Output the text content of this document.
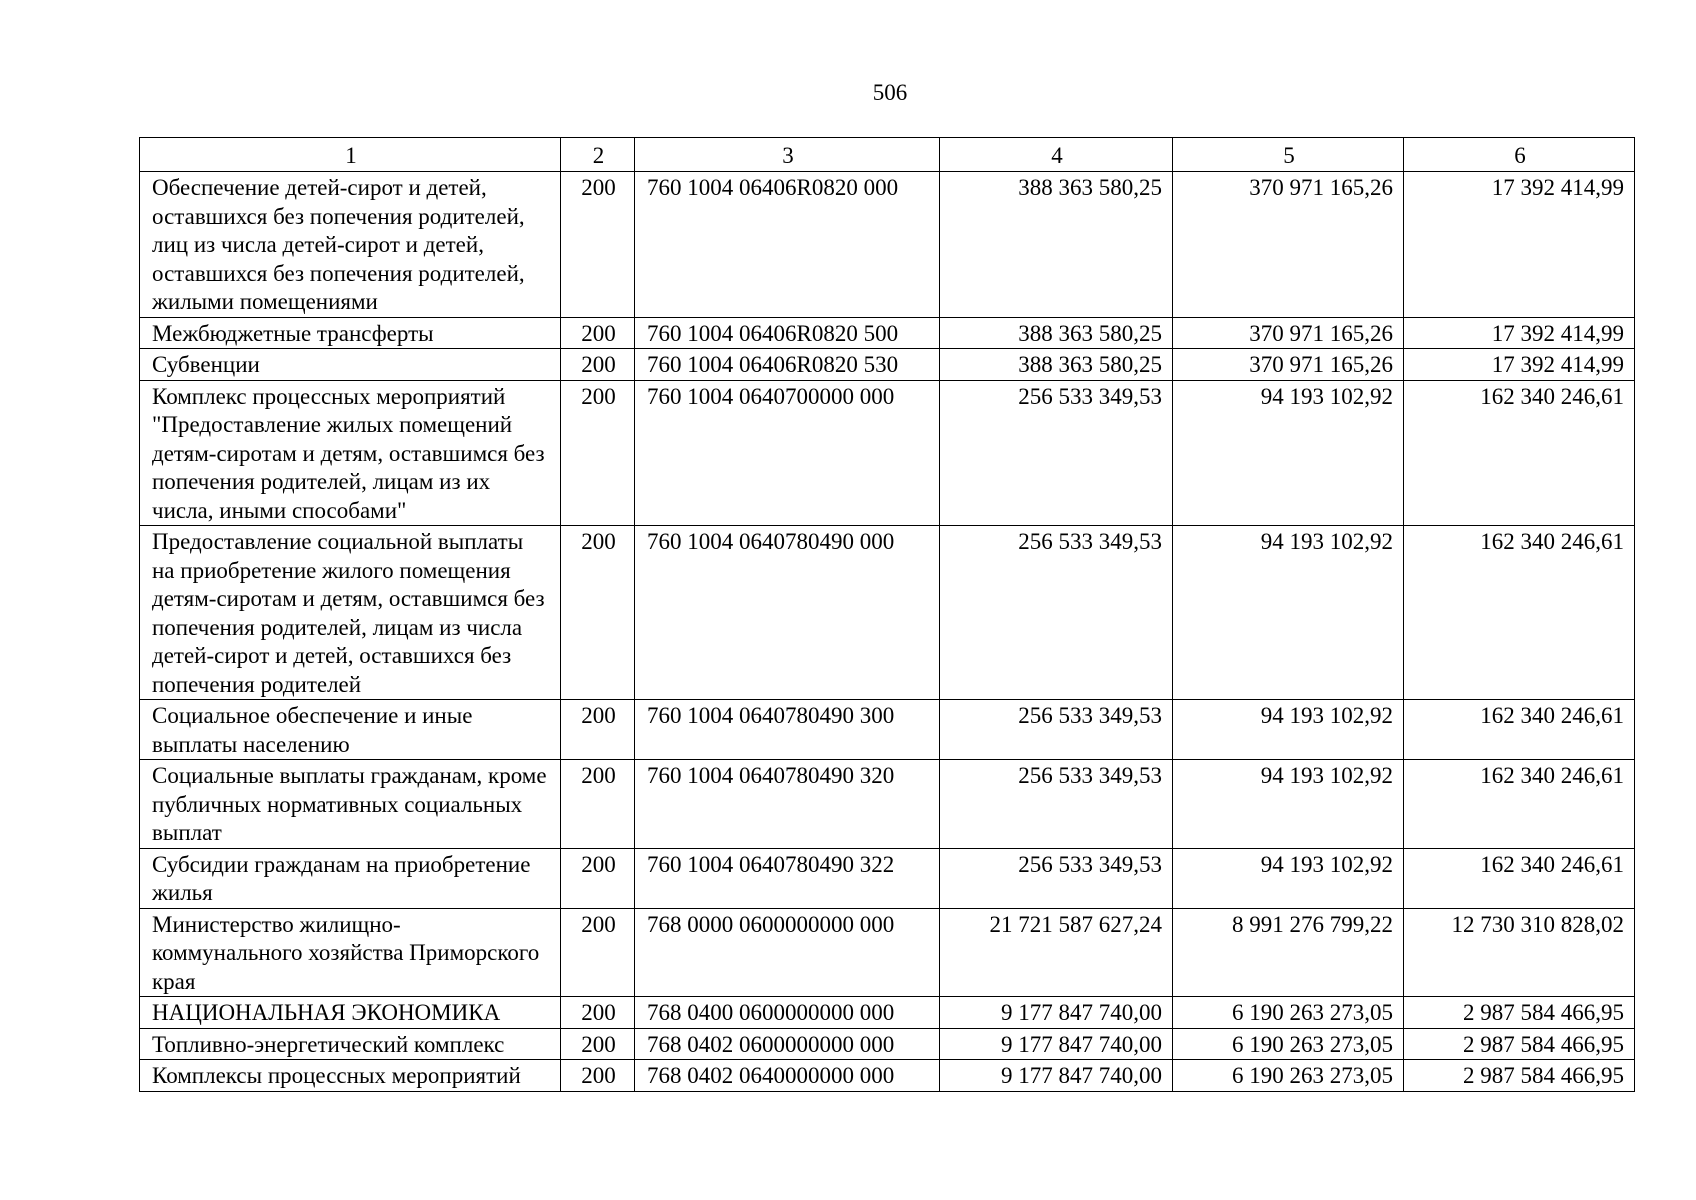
506
1	2	3	4	5	6
Обеспечение детей-сирот и детей, оставшихся без попечения родителей, лиц из числа детей-сирот и детей, оставшихся без попечения родителей, жилыми помещениями	200	760 1004 06406R0820 000	388 363 580,25	370 971 165,26	17 392 414,99
Межбюджетные трансферты	200	760 1004 06406R0820 500	388 363 580,25	370 971 165,26	17 392 414,99
Субвенции	200	760 1004 06406R0820 530	388 363 580,25	370 971 165,26	17 392 414,99
Комплекс процессных мероприятий "Предоставление жилых помещений детям-сиротам и детям, оставшимся без попечения родителей, лицам из их числа, иными способами"	200	760 1004 0640700000 000	256 533 349,53	94 193 102,92	162 340 246,61
Предоставление социальной выплаты на приобретение жилого помещения детям-сиротам и детям, оставшимся без попечения родителей, лицам из числа детей-сирот и детей, оставшихся без попечения родителей	200	760 1004 0640780490 000	256 533 349,53	94 193 102,92	162 340 246,61
Социальное обеспечение и иные выплаты населению	200	760 1004 0640780490 300	256 533 349,53	94 193 102,92	162 340 246,61
Социальные выплаты гражданам, кроме публичных нормативных социальных выплат	200	760 1004 0640780490 320	256 533 349,53	94 193 102,92	162 340 246,61
Субсидии гражданам на приобретение жилья	200	760 1004 0640780490 322	256 533 349,53	94 193 102,92	162 340 246,61
Министерство жилищно-коммунального хозяйства Приморского края	200	768 0000 0600000000 000	21 721 587 627,24	8 991 276 799,22	12 730 310 828,02
НАЦИОНАЛЬНАЯ ЭКОНОМИКА	200	768 0400 0600000000 000	9 177 847 740,00	6 190 263 273,05	2 987 584 466,95
Топливно-энергетический комплекс	200	768 0402 0600000000 000	9 177 847 740,00	6 190 263 273,05	2 987 584 466,95
Комплексы процессных мероприятий	200	768 0402 0640000000 000	9 177 847 740,00	6 190 263 273,05	2 987 584 466,95
